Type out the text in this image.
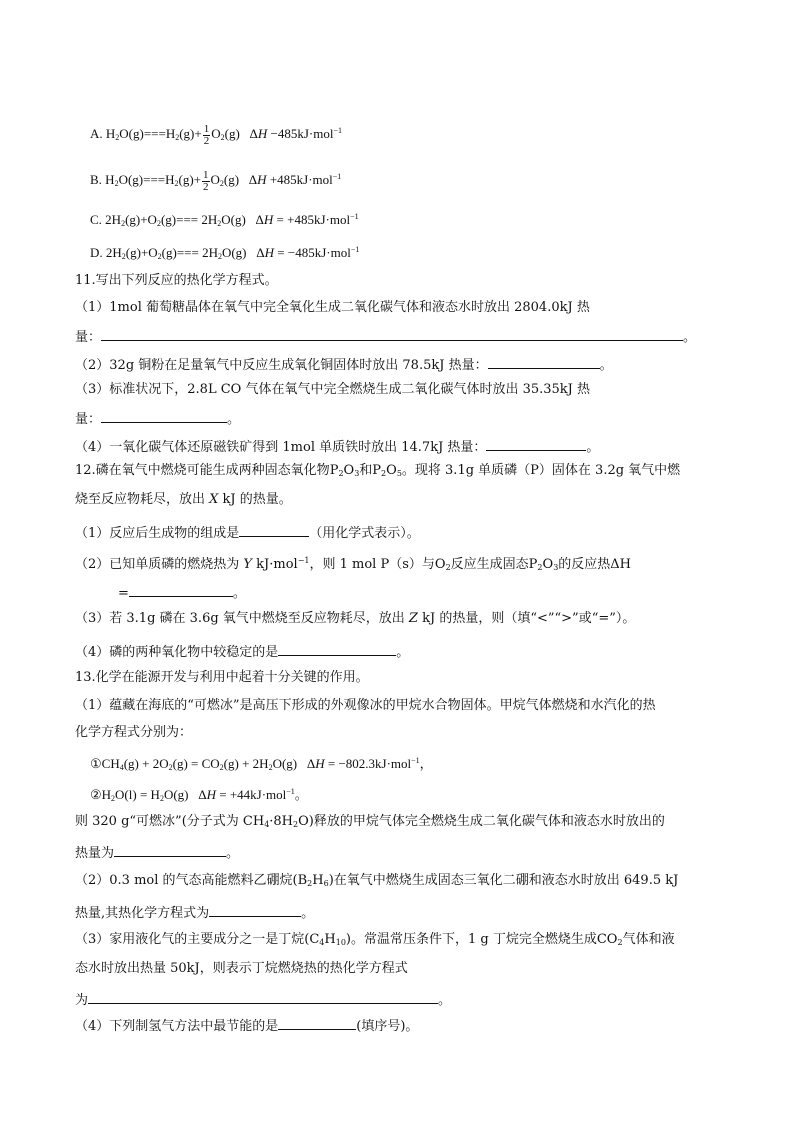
A. $H_2O(g)===H_2(g)+ \frac{1}{2} O_2(g)$   ΔH −485kJ·mol$^{-1}$
B. $H_2O(g)===H_2(g)+ \frac{1}{2} O_2(g)$   ΔH +485kJ·mol$^{-1}$
C. $2H_2(g)+O_2(g)=== 2H_2O(g) \Delta H = +485kJ\cdot mol^{-1}$
D. $2H_2(g)+O_2(g)=== 2H_2O(g) \Delta H = -485kJ\cdot mol^{-1}$
11.写出下列反应的热化学方程式。
（1）1mol 葡萄糖晶体在氧气中完全氧化生成二氧化碳气体和液态水时放出 2804.0kJ 热
量：	。
（2）32g 铜粉在足量氧气中反应生成氧化铜固体时放出 78.5kJ 热量：	。
（3）标准状况下，2.8L CO 气体在氧气中完全燃烧生成二氧化碳气体时放出 35.35kJ 热
量：	。
（4）一氧化碳气体还原磁铁矿得到 1mol 单质铁时放出 14.7kJ 热量：	。
12.磷在氧气中燃烧可能生成两种固态氧化物$P_2O_3$和$P_2O_5$。现将 3.1g 单质磷（P）固体在 3.2g 氧气中燃
烧至反应物耗尽，放出 X kJ 的热量。
（1）反应后生成物的组成是	（用化学式表示）。
（2）已知单质磷的燃烧热为 Y kJ·mol$^{-1}$，则 1 mol P（s）与$O_2$反应生成固态$P_2O_3$的反应热ΔH
=	。
（3）若 3.1g 磷在 3.6g 氧气中燃烧至反应物耗尽，放出 Z kJ 的热量，则（填“<”“>”或“=”）。
（4）磷的两种氧化物中较稳定的是	。
13.化学在能源开发与利用中起着十分关键的作用。
（1）蕴藏在海底的“可燃冰”是高压下形成的外观像冰的甲烷水合物固体。甲烷气体燃烧和水汽化的热
化学方程式分别为：
$①CH_4(g) + 2O_2(g) = CO_2(g) + 2H_2O(g) \Delta H = -802.3kJ\cdot mol^{-1}$，
$②H_2O(l) = H_2O(g) \Delta H = +44kJ\cdot mol^{-1}$。
则 320 g“可燃冰”(分子式为 $CH_4\cdot 8H_2O$)释放的甲烷气体完全燃烧生成二氧化碳气体和液态水时放出的
热量为	。
（2）0.3 mol 的气态高能燃料乙硼烷$(B_2H_6)$在氧气中燃烧生成固态三氧化二硼和液态水时放出 649.5 kJ
热量,其热化学方程式为	。
（3）家用液化气的主要成分之一是丁烷$(C_4H_{10})$。常温常压条件下，1 g 丁烷完全燃烧生成$CO_2$气体和液
态水时放出热量 50kJ，则表示丁烷燃烧热的热化学方程式
为	。
（4）下列制氢气方法中最节能的是	(填序号)。
